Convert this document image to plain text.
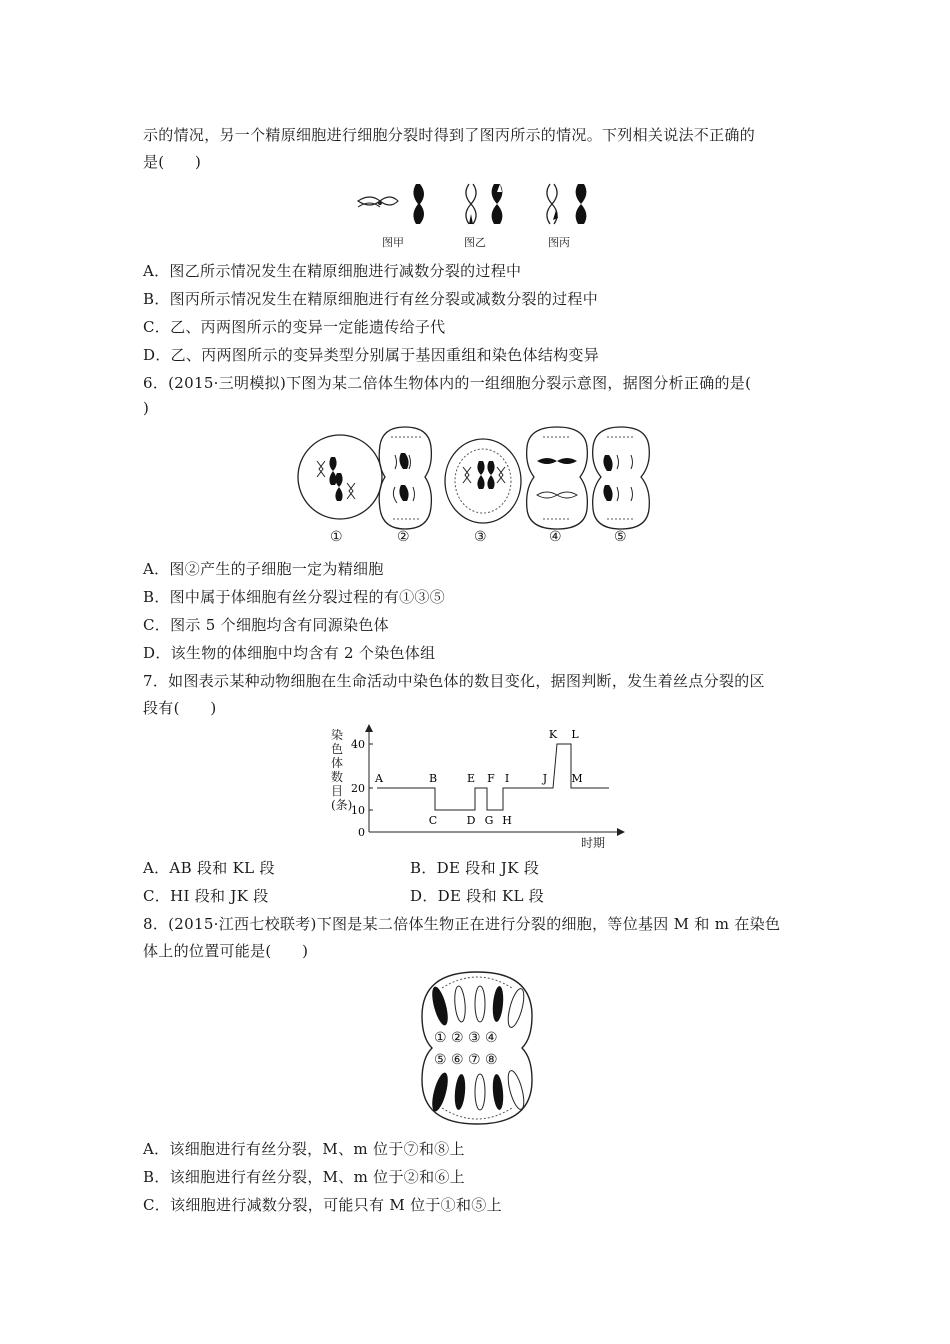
示的情况，另一个精原细胞进行细胞分裂时得到了图丙所示的情况。下列相关说法不正确的
是(　　)
图甲	图乙	图丙
A．图乙所示情况发生在精原细胞进行减数分裂的过程中
B．图丙所示情况发生在精原细胞进行有丝分裂或减数分裂的过程中
C．乙、丙两图所示的变异一定能遗传给子代
D．乙、丙两图所示的变异类型分别属于基因重组和染色体结构变异
6．(2015·三明模拟)下图为某二倍体生物体内的一组细胞分裂示意图，据图分析正确的是(
)
①	②	③	④	⑤
A．图②产生的子细胞一定为精细胞
B．图中属于体细胞有丝分裂过程的有①③⑤
C．图示 5 个细胞均含有同源染色体
D．该生物的体细胞中均含有 2 个染色体组
7．如图表示某种动物细胞在生命活动中染色体的数目变化，据图判断，发生着丝点分裂的区
段有(　　)
0
10
20
40
A	B
C	D
E F
G H
I	J
K L
M
染色体数目(条)
时期
A．AB 段和 KL 段	B．DE 段和 JK 段
C．HI 段和 JK 段	D．DE 段和 KL 段
8．(2015·江西七校联考)下图是某二倍体生物正在进行分裂的细胞，等位基因 M 和 m 在染色
体上的位置可能是(　　)
① ② ③ ④
⑤ ⑥ ⑦ ⑧
A．该细胞进行有丝分裂，M、m 位于⑦和⑧上
B．该细胞进行有丝分裂，M、m 位于②和⑥上
C．该细胞进行减数分裂，可能只有 M 位于①和⑤上
